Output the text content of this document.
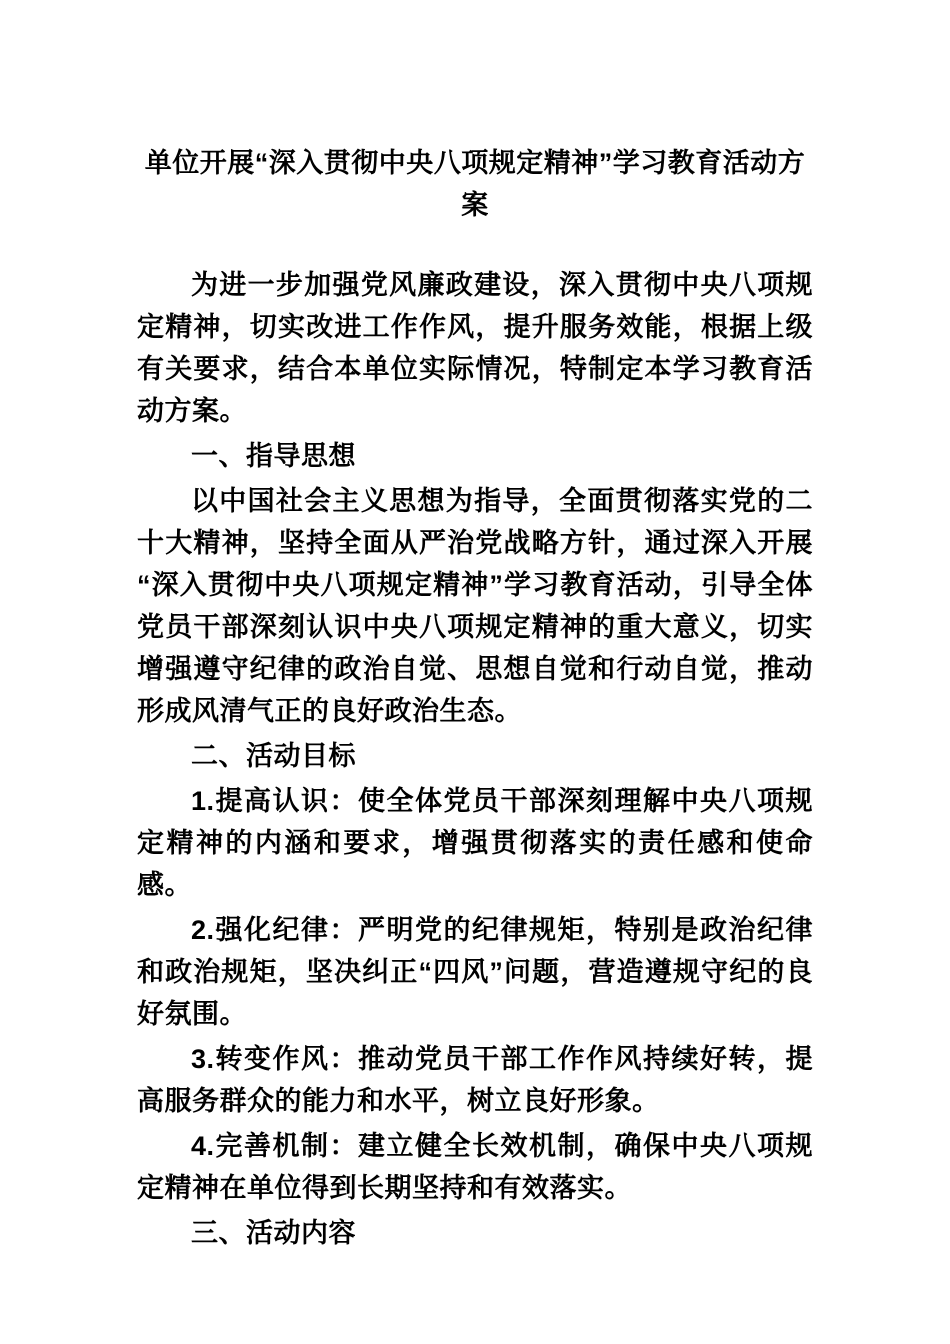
单位开展“深入贯彻中央八项规定精神”学习教育活动方案

为进一步加强党风廉政建设，深入贯彻中央八项规定精神，切实改进工作作风，提升服务效能，根据上级有关要求，结合本单位实际情况，特制定本学习教育活动方案。

一、指导思想

以中国社会主义思想为指导，全面贯彻落实党的二十大精神，坚持全面从严治党战略方针，通过深入开展“深入贯彻中央八项规定精神”学习教育活动，引导全体党员干部深刻认识中央八项规定精神的重大意义，切实增强遵守纪律的政治自觉、思想自觉和行动自觉，推动形成风清气正的良好政治生态。

二、活动目标

1.提高认识：使全体党员干部深刻理解中央八项规定精神的内涵和要求，增强贯彻落实的责任感和使命感。

2.强化纪律：严明党的纪律规矩，特别是政治纪律和政治规矩，坚决纠正“四风”问题，营造遵规守纪的良好氛围。

3.转变作风：推动党员干部工作作风持续好转，提高服务群众的能力和水平，树立良好形象。

4.完善机制：建立健全长效机制，确保中央八项规定精神在单位得到长期坚持和有效落实。

三、活动内容
